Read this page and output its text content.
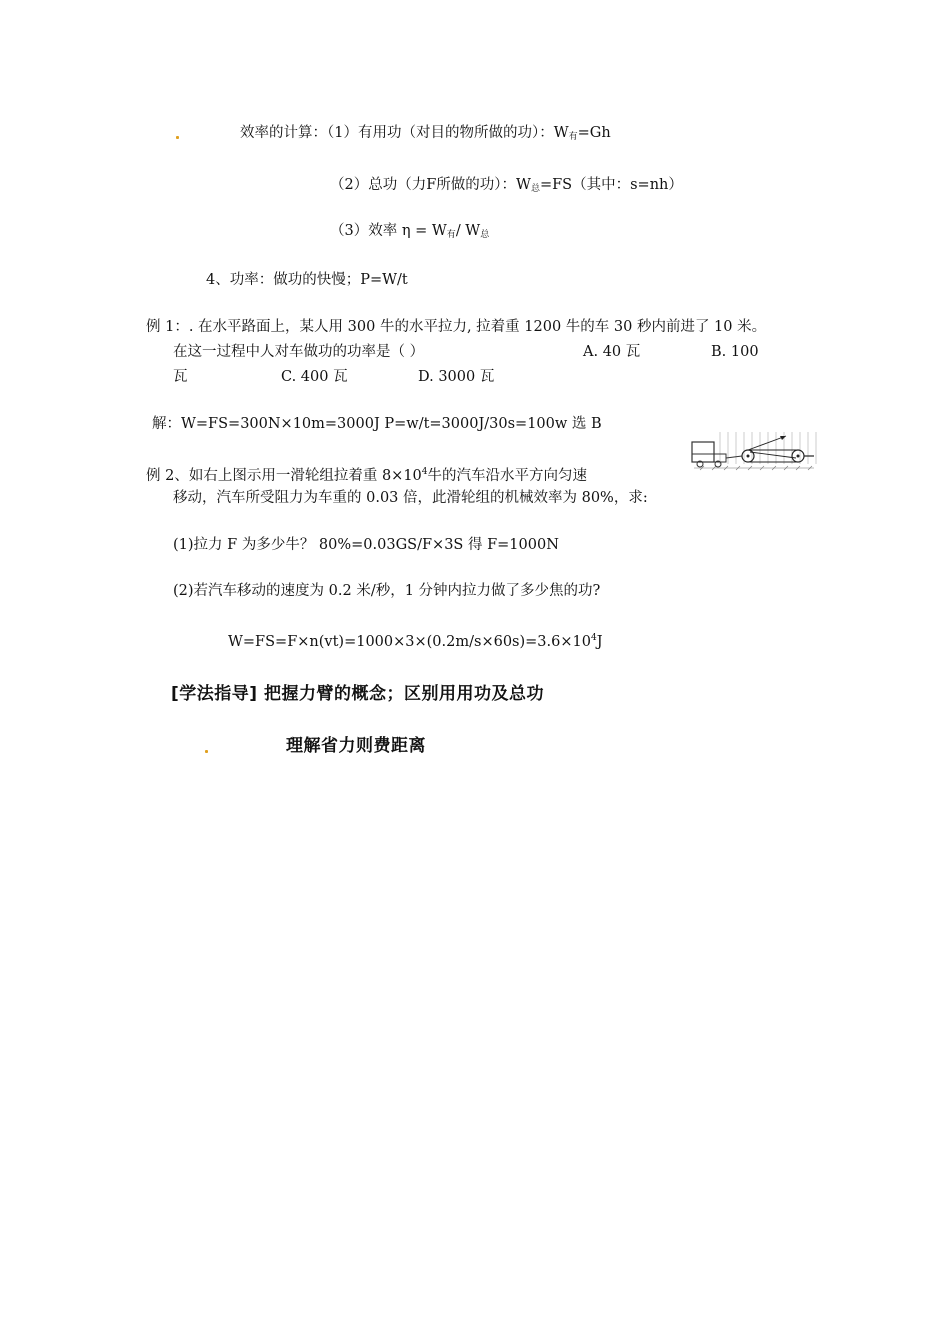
效率的计算：（1）有用功（对目的物所做的功）：$W_有=Gh$
（2）总功（力F所做的功）：$W_总=FS$（其中：s=nh）
（3）效率 $\eta = W_有/$ $W_总$
4、功率：做功的快慢；P=W/t
例 1：. 在水平路面上，某人用 300 牛的水平拉力, 拉着重 1200 牛的车 30 秒内前进了 10 米。
在这一过程中人对车做功的功率是（ ）	A. 40 瓦	B. 100
瓦	C. 400 瓦	D. 3000 瓦
解：W=FS=300N×10m=3000J P=w/t=3000J/30s=100w 选 B
例 2、如右上图示用一滑轮组拉着重 $8\times 10^4$牛的汽车沿水平方向匀速
移动，汽车所受阻力为车重的 0.03 倍，此滑轮组的机械效率为 80%，求:
(1)拉力 F 为多少牛？ 80%=0.03GS/F×3S 得 F=1000N
(2)若汽车移动的速度为 0.2 米/秒，1 分钟内拉力做了多少焦的功?
$W=FS=F\times n(vt)=1000\times 3\times(0.2m/s\times 60s)=3.6\times 10^4J$
[学法指导] 把握力臂的概念；区别用用功及总功
理解省力则费距离
